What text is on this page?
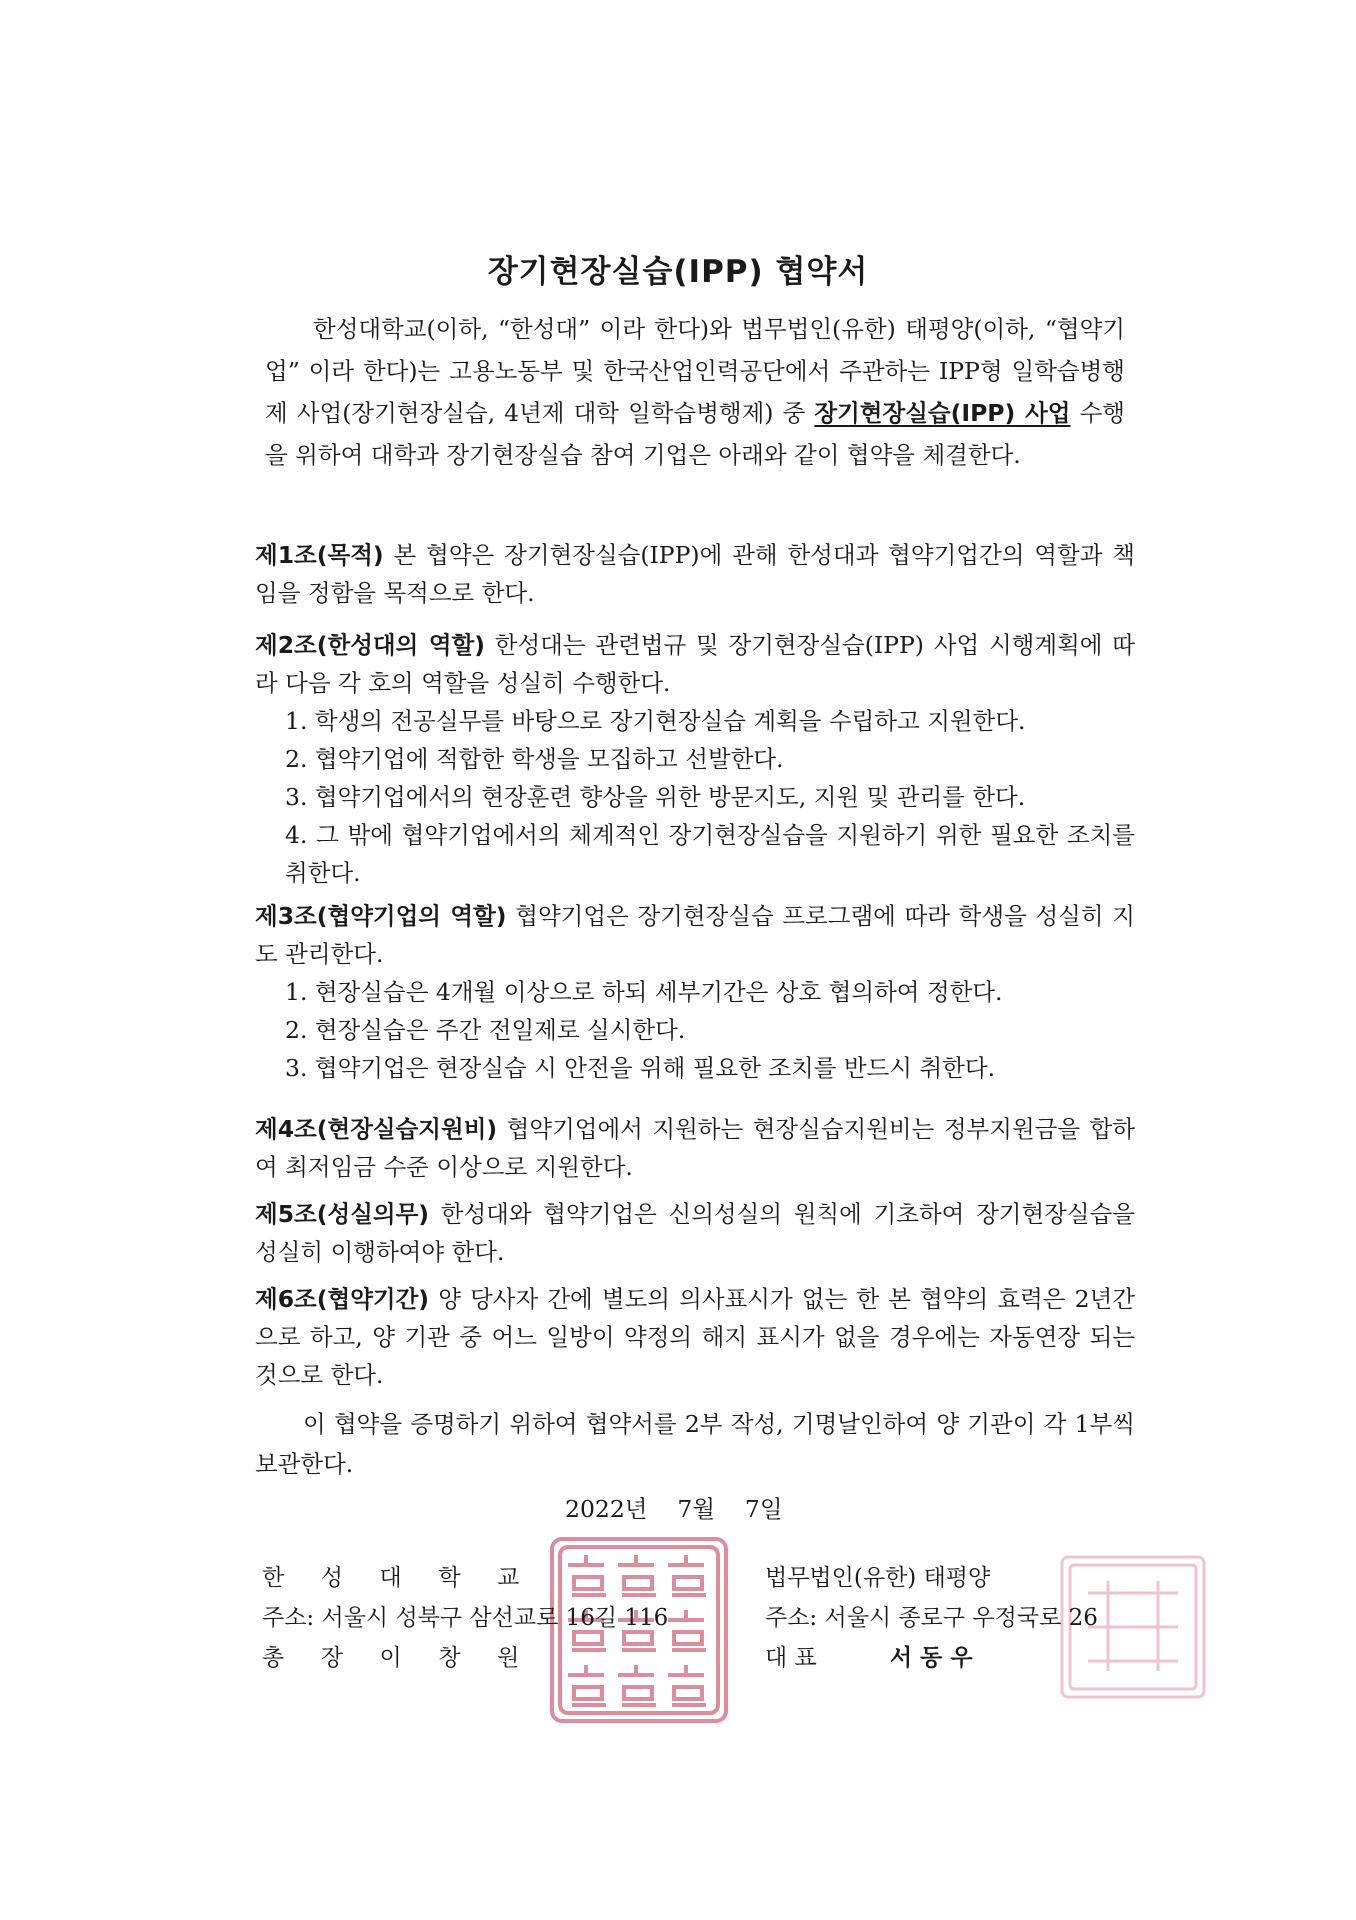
장기현장실습(IPP) 협약서
한성대학교(이하, “한성대” 이라 한다)와 법무법인(유한) 태평양(이하, “협약기업” 이라 한다)는 고용노동부 및 한국산업인력공단에서 주관하는 IPP형 일학습병행제 사업(장기현장실습, 4년제 대학 일학습병행제) 중 장기현장실습(IPP) 사업 수행을 위하여 대학과 장기현장실습 참여 기업은 아래와 같이 협약을 체결한다.
제1조(목적) 본 협약은 장기현장실습(IPP)에 관해 한성대과 협약기업간의 역할과 책임을 정함을 목적으로 한다.
제2조(한성대의 역할) 한성대는 관련법규 및 장기현장실습(IPP) 사업 시행계획에 따라 다음 각 호의 역할을 성실히 수행한다.
1. 학생의 전공실무를 바탕으로 장기현장실습 계획을 수립하고 지원한다.
2. 협약기업에 적합한 학생을 모집하고 선발한다.
3. 협약기업에서의 현장훈련 향상을 위한 방문지도, 지원 및 관리를 한다.
4. 그 밖에 협약기업에서의 체계적인 장기현장실습을 지원하기 위한 필요한 조치를 취한다.
제3조(협약기업의 역할) 협약기업은 장기현장실습 프로그램에 따라 학생을 성실히 지도 관리한다.
1. 현장실습은 4개월 이상으로 하되 세부기간은 상호 협의하여 정한다.
2. 현장실습은 주간 전일제로 실시한다.
3. 협약기업은 현장실습 시 안전을 위해 필요한 조치를 반드시 취한다.
제4조(현장실습지원비) 협약기업에서 지원하는 현장실습지원비는 정부지원금을 합하여 최저임금 수준 이상으로 지원한다.
제5조(성실의무) 한성대와 협약기업은 신의성실의 원칙에 기초하여 장기현장실습을 성실히 이행하여야 한다.
제6조(협약기간) 양 당사자 간에 별도의 의사표시가 없는 한 본 협약의 효력은 2년간으로 하고, 양 기관 중 어느 일방이 약정의 해지 표시가 없을 경우에는 자동연장 되는 것으로 한다.
이 협약을 증명하기 위하여 협약서를 2부 작성, 기명날인하여 양 기관이 각 1부씩 보관한다.
2022년    7월    7일
한     성     대     학     교
주소: 서울시 성북구 삼선교로 16길 116
총     장     이     창     원
법무법인(유한) 태평양
주소: 서울시 종로구 우정국로 26
대 표	서 동 우
